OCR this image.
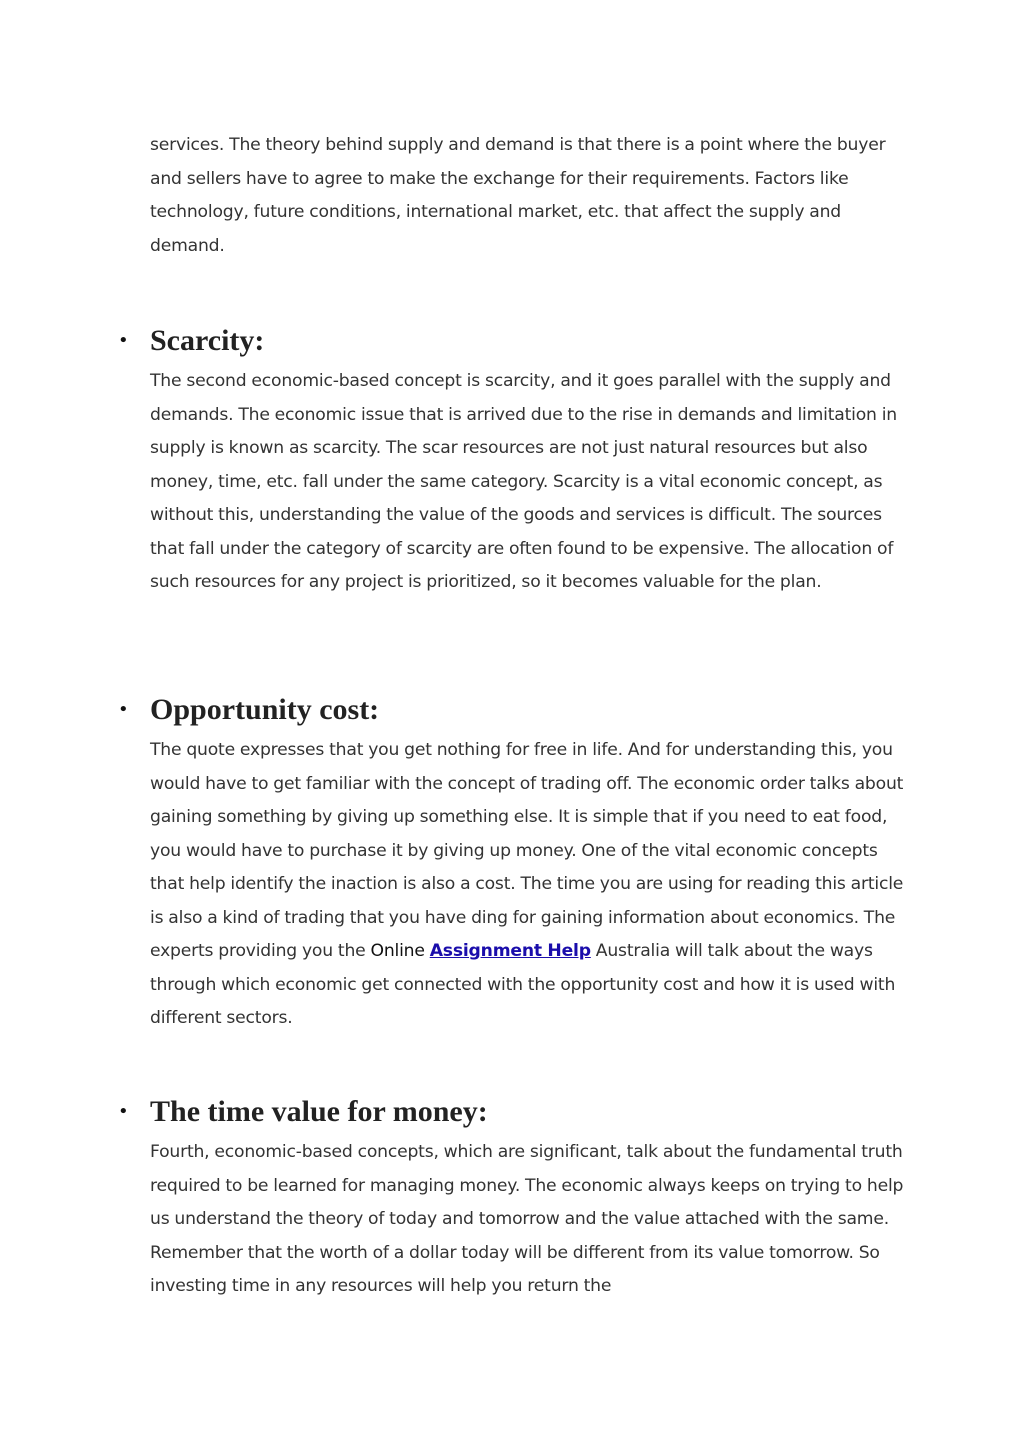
services. The theory behind supply and demand is that there is a point where the buyer and sellers have to agree to make the exchange for their requirements. Factors like technology, future conditions, international market, etc. that affect the supply and demand.

• Scarcity:

The second economic-based concept is scarcity, and it goes parallel with the supply and demands. The economic issue that is arrived due to the rise in demands and limitation in supply is known as scarcity. The scar resources are not just natural resources but also money, time, etc. fall under the same category. Scarcity is a vital economic concept, as without this, understanding the value of the goods and services is difficult. The sources that fall under the category of scarcity are often found to be expensive. The allocation of such resources for any project is prioritized, so it becomes valuable for the plan.

• Opportunity cost:

The quote expresses that you get nothing for free in life. And for understanding this, you would have to get familiar with the concept of trading off. The economic order talks about gaining something by giving up something else. It is simple that if you need to eat food, you would have to purchase it by giving up money. One of the vital economic concepts that help identify the inaction is also a cost. The time you are using for reading this article is also a kind of trading that you have ding for gaining information about economics. The experts providing you the Online Assignment Help Australia will talk about the ways through which economic get connected with the opportunity cost and how it is used with different sectors.

• The time value for money:

Fourth, economic-based concepts, which are significant, talk about the fundamental truth required to be learned for managing money. The economic always keeps on trying to help us understand the theory of today and tomorrow and the value attached with the same. Remember that the worth of a dollar today will be different from its value tomorrow. So investing time in any resources will help you return the
